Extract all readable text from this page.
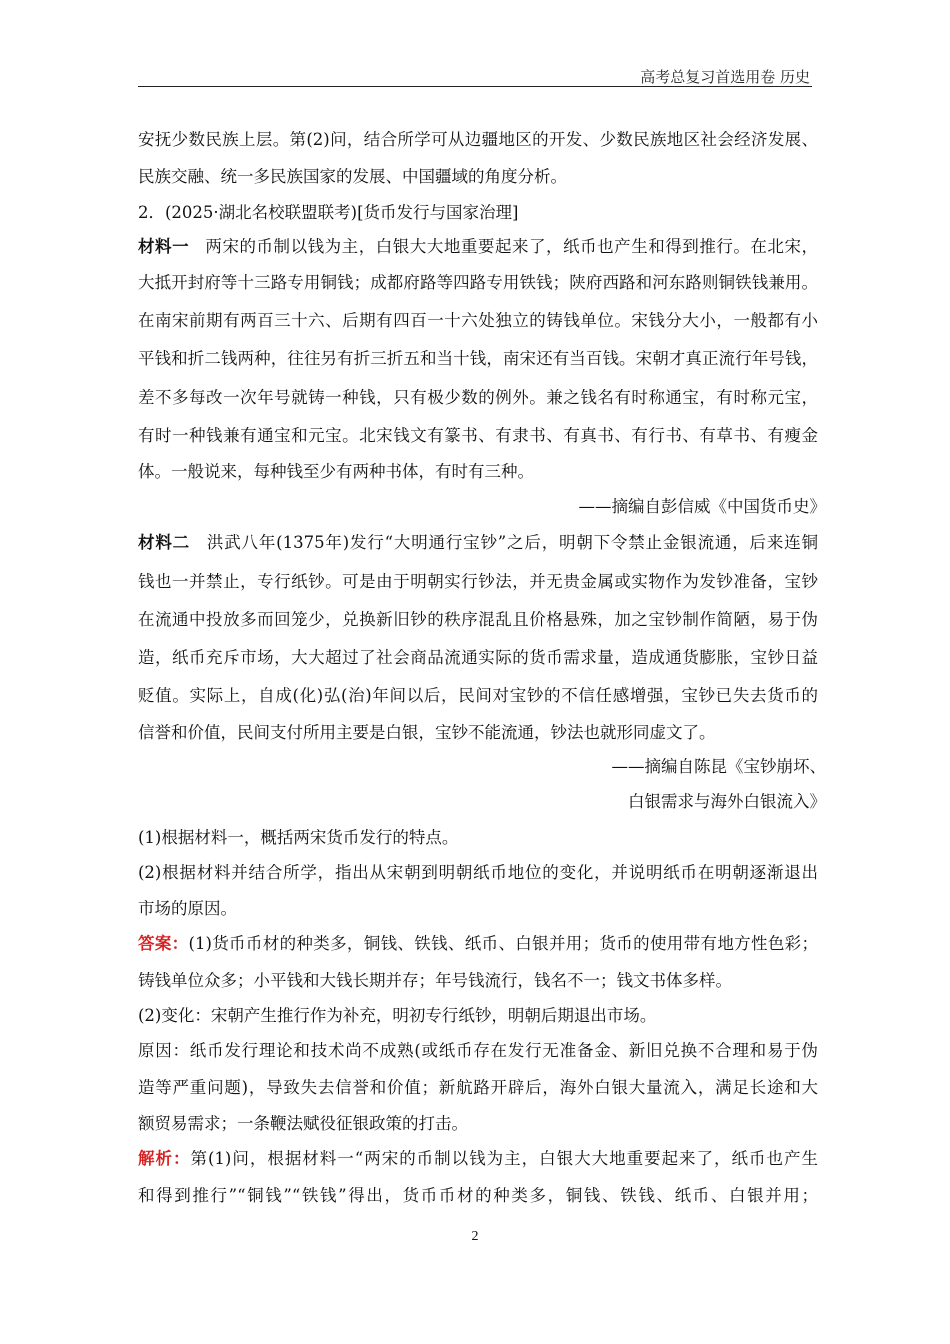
高考总复习首选用卷 历史
安抚少数民族上层。第(2)问，结合所学可从边疆地区的开发、少数民族地区社会经济发展、
民族交融、统一多民族国家的发展、中国疆域的角度分析。
2．(2025·湖北名校联盟联考)[货币发行与国家治理]
材料一 两宋的币制以钱为主，白银大大地重要起来了，纸币也产生和得到推行。在北宋，
大抵开封府等十三路专用铜钱；成都府路等四路专用铁钱；陕府西路和河东路则铜铁钱兼用。
在南宋前期有两百三十六、后期有四百一十六处独立的铸钱单位。宋钱分大小，一般都有小
平钱和折二钱两种，往往另有折三折五和当十钱，南宋还有当百钱。宋朝才真正流行年号钱，
差不多每改一次年号就铸一种钱，只有极少数的例外。兼之钱名有时称通宝，有时称元宝，
有时一种钱兼有通宝和元宝。北宋钱文有篆书、有隶书、有真书、有行书、有草书、有瘦金
体。一般说来，每种钱至少有两种书体，有时有三种。
——摘编自彭信威《中国货币史》
材料二 洪武八年(1375年)发行“大明通行宝钞”之后，明朝下令禁止金银流通，后来连铜
钱也一并禁止，专行纸钞。可是由于明朝实行钞法，并无贵金属或实物作为发钞准备，宝钞
在流通中投放多而回笼少，兑换新旧钞的秩序混乱且价格悬殊，加之宝钞制作简陋，易于伪
造，纸币充斥市场，大大超过了社会商品流通实际的货币需求量，造成通货膨胀，宝钞日益
贬值。实际上，自成(化)弘(治)年间以后，民间对宝钞的不信任感增强，宝钞已失去货币的
信誉和价值，民间支付所用主要是白银，宝钞不能流通，钞法也就形同虚文了。
——摘编自陈昆《宝钞崩坏、
白银需求与海外白银流入》
(1)根据材料一，概括两宋货币发行的特点。
(2)根据材料并结合所学，指出从宋朝到明朝纸币地位的变化，并说明纸币在明朝逐渐退出
市场的原因。
答案：(1)货币币材的种类多，铜钱、铁钱、纸币、白银并用；货币的使用带有地方性色彩；
铸钱单位众多；小平钱和大钱长期并存；年号钱流行，钱名不一；钱文书体多样。
(2)变化：宋朝产生推行作为补充，明初专行纸钞，明朝后期退出市场。
原因：纸币发行理论和技术尚不成熟(或纸币存在发行无准备金、新旧兑换不合理和易于伪
造等严重问题)，导致失去信誉和价值；新航路开辟后，海外白银大量流入，满足长途和大
额贸易需求；一条鞭法赋役征银政策的打击。
解析：第(1)问，根据材料一“两宋的币制以钱为主，白银大大地重要起来了，纸币也产生
和得到推行”“铜钱”“铁钱”得出，货币币材的种类多，铜钱、铁钱、纸币、白银并用；
2
